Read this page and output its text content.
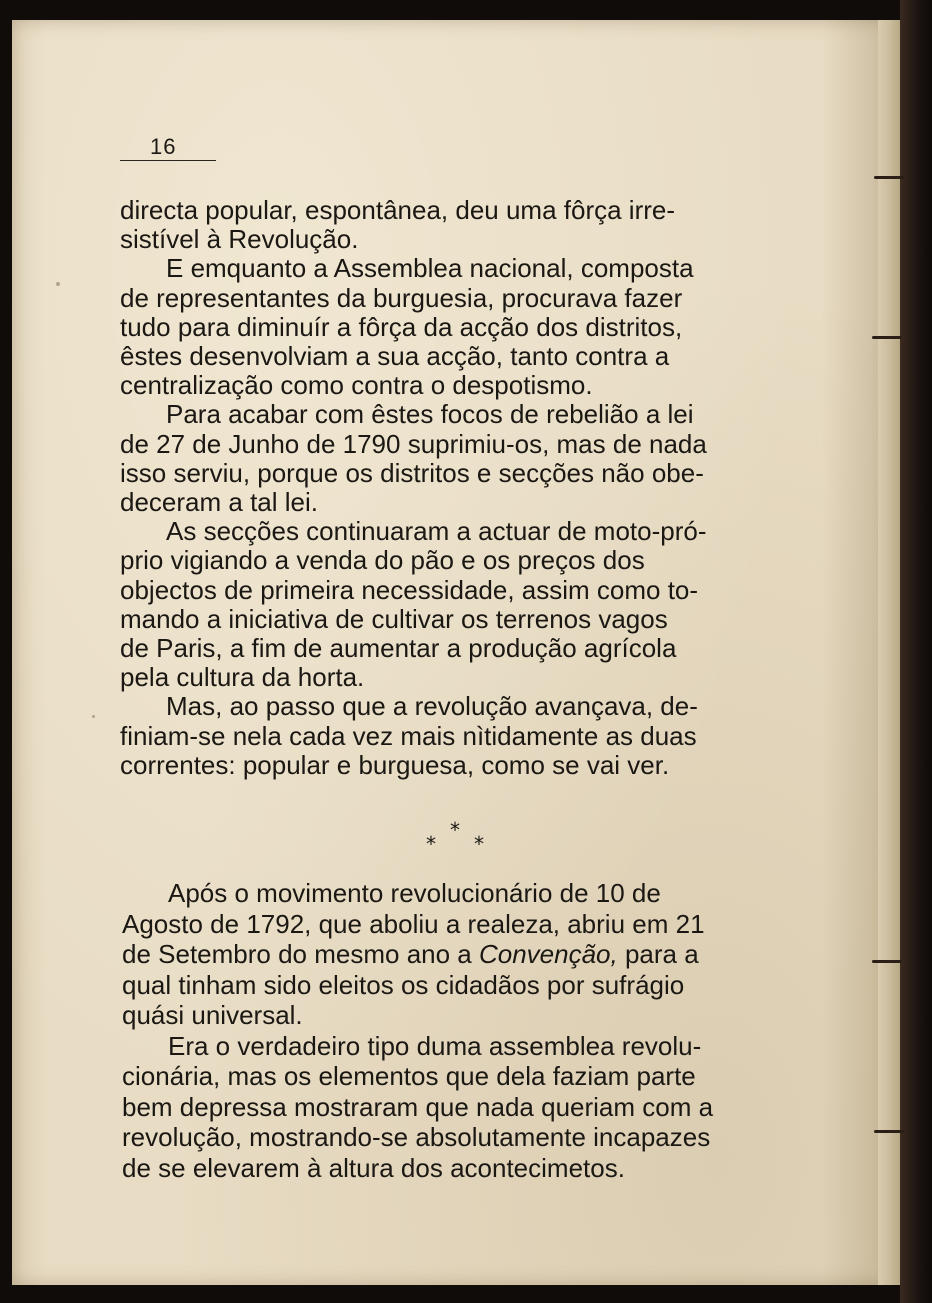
16

directa popular, espontânea, deu uma fôrça irre-
sistível à Revolução.

E emquanto a Assemblea nacional, composta
de representantes da burguesia, procurava fazer
tudo para diminuír a fôrça da acção dos distritos,
êstes desenvolviam a sua acção, tanto contra a
centralização como contra o despotismo.

Para acabar com êstes focos de rebelião a lei
de 27 de Junho de 1790 suprimiu-os, mas de nada
isso serviu, porque os distritos e secções não obe-
deceram a tal lei.

As secções continuaram a actuar de moto-pró-
prio vigiando a venda do pão e os preços dos
objectos de primeira necessidade, assim como to-
mando a iniciativa de cultivar os terrenos vagos
de Paris, a fim de aumentar a produção agrícola
pela cultura da horta.

Mas, ao passo que a revolução avançava, de-
finiam-se nela cada vez mais nìtidamente as duas
correntes: popular e burguesa, como se vai ver.

*
* *

Após o movimento revolucionário de 10 de
Agosto de 1792, que aboliu a realeza, abriu em 21
de Setembro do mesmo ano a Convenção, para a
qual tinham sido eleitos os cidadãos por sufrágio
quási universal.

Era o verdadeiro tipo duma assemblea revolu-
cionária, mas os elementos que dela faziam parte
bem depressa mostraram que nada queriam com a
revolução, mostrando-se absolutamente incapazes
de se elevarem à altura dos acontecimetos.
